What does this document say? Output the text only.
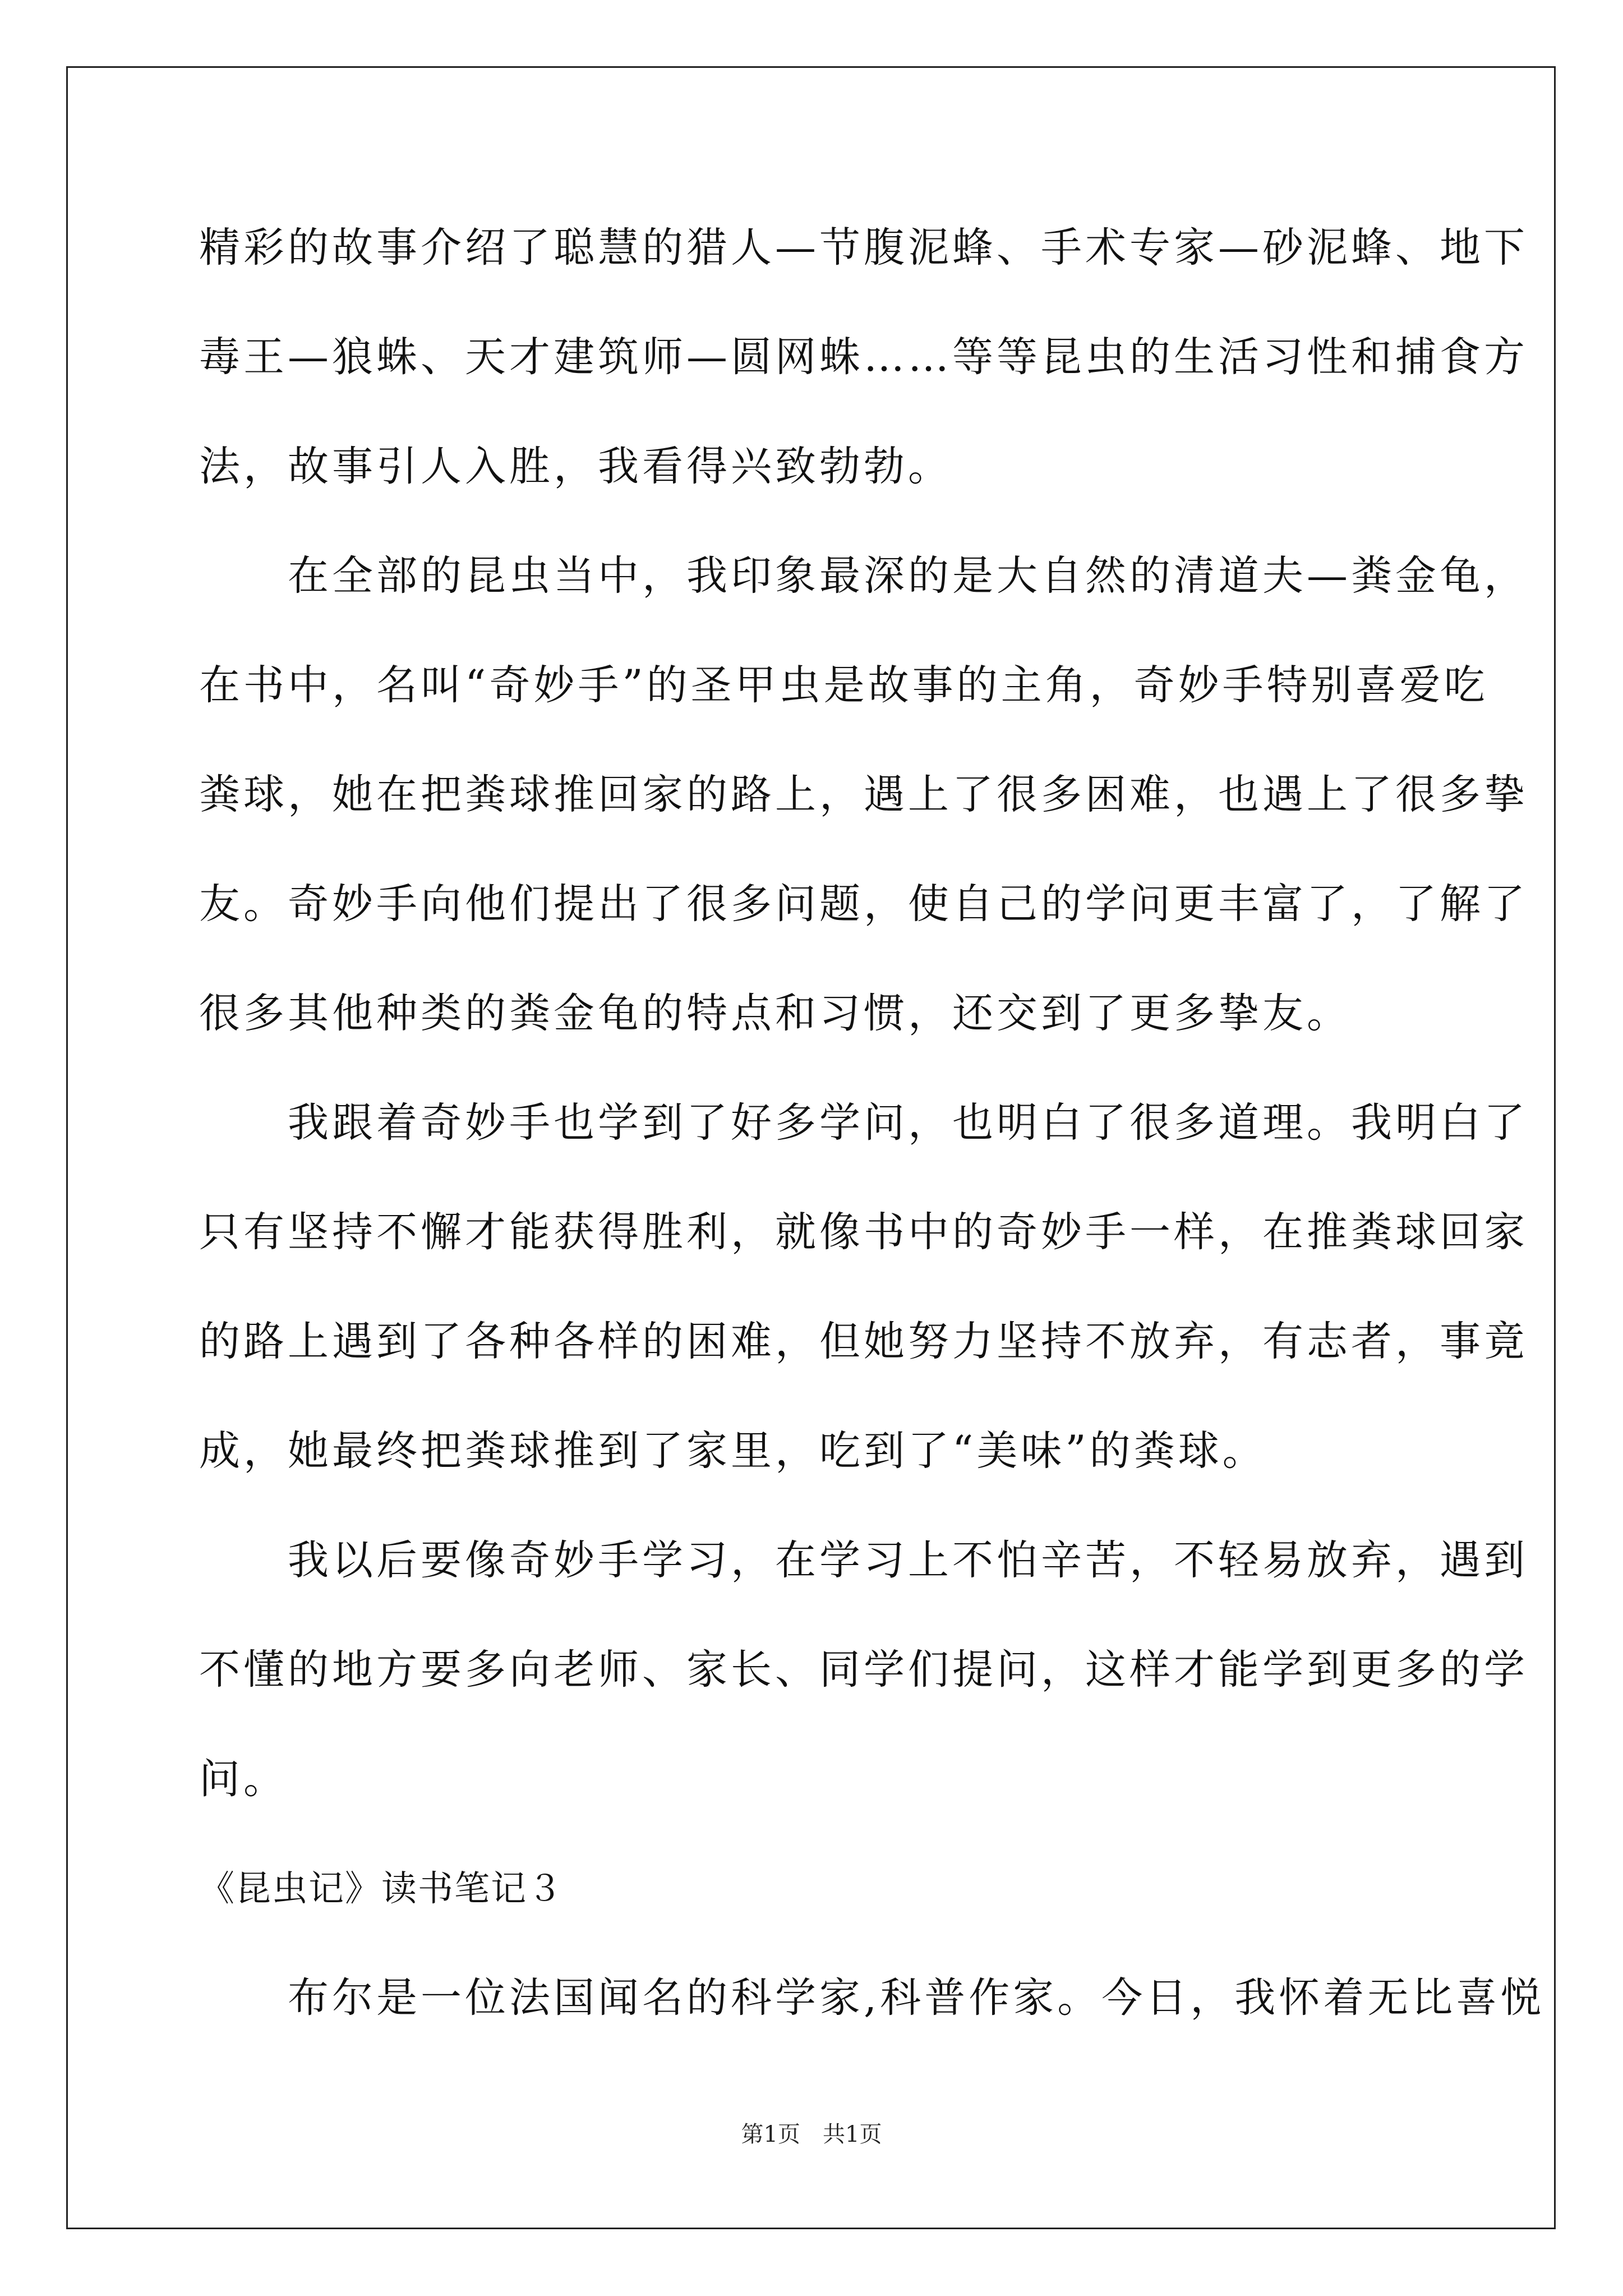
精彩的故事介绍了聪慧的猎人—节腹泥蜂、手术专家—砂泥蜂、地下
毒王—狼蛛、天才建筑师—圆网蛛……等等昆虫的生活习性和捕食方
法，故事引人入胜，我看得兴致勃勃。
　　在全部的昆虫当中，我印象最深的是大自然的清道夫—粪金龟，
在书中，名叫“奇妙手”的圣甲虫是故事的主角，奇妙手特别喜爱吃
粪球，她在把粪球推回家的路上，遇上了很多困难，也遇上了很多挚
友。奇妙手向他们提出了很多问题，使自己的学问更丰富了，了解了
很多其他种类的粪金龟的特点和习惯，还交到了更多挚友。
　　我跟着奇妙手也学到了好多学问，也明白了很多道理。我明白了
只有坚持不懈才能获得胜利，就像书中的奇妙手一样，在推粪球回家
的路上遇到了各种各样的困难，但她努力坚持不放弃，有志者，事竟
成，她最终把粪球推到了家里，吃到了“美味”的粪球。
　　我以后要像奇妙手学习，在学习上不怕辛苦，不轻易放弃，遇到
不懂的地方要多向老师、家长、同学们提问，这样才能学到更多的学
问。
《昆虫记》读书笔记３
　　布尔是一位法国闻名的科学家,科普作家。今日，我怀着无比喜悦
第1页 共1页
